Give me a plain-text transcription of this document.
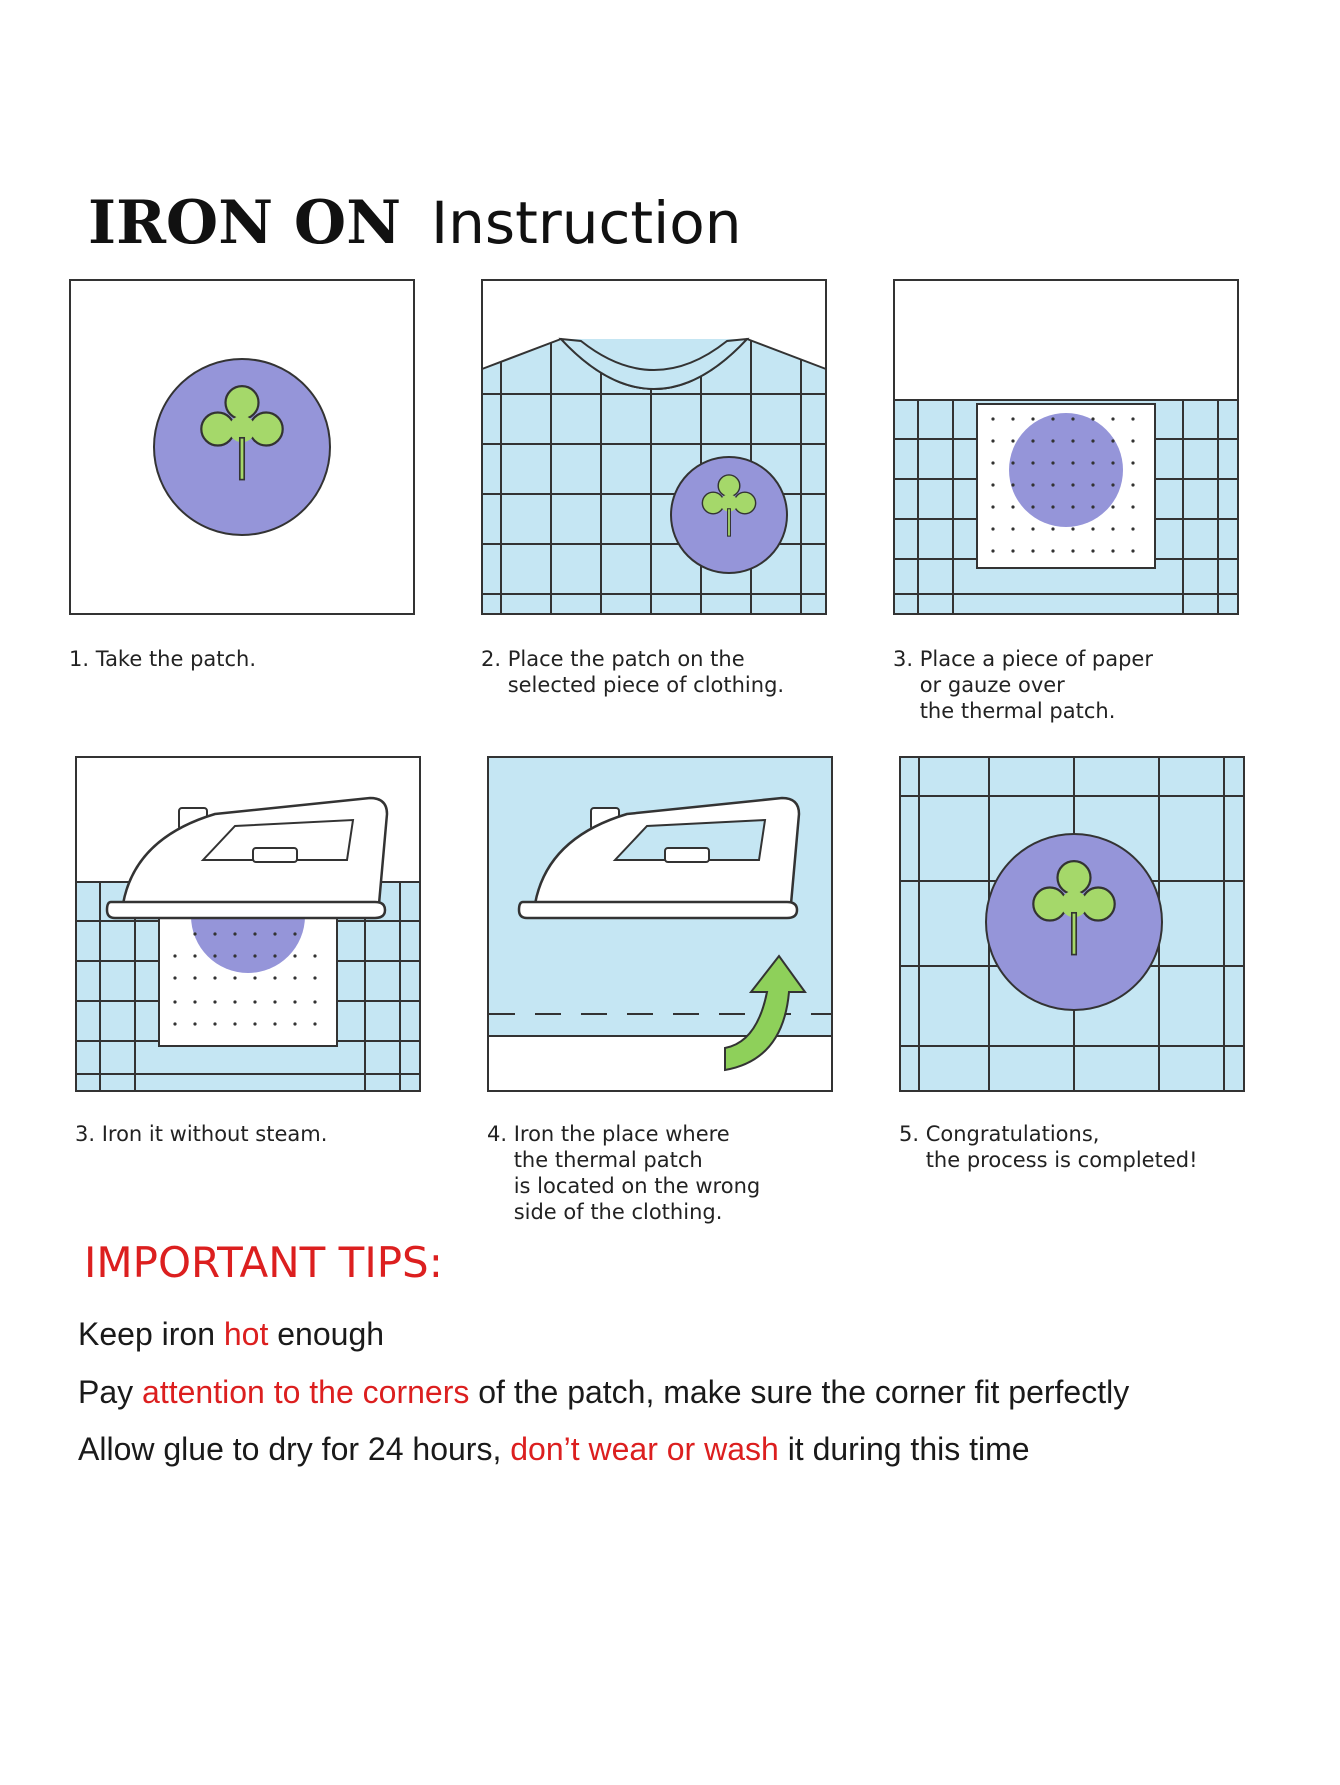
IRON ON Instruction
1. Take the patch.	2. Place the patch on the
selected piece of clothing.
3. Place a piece of paper
or gauze over
the thermal patch.
3. Iron it without steam.	4. Iron the place where
the thermal patch
is located on the wrong
side of the clothing.
5. Congratulations,
the process is completed!
IMPORTANT TIPS:
Keep iron hot enough
Pay attention to the corners of the patch, make sure the corner fit perfectly
Allow glue to dry for 24 hours, don’t wear or wash it during this time
